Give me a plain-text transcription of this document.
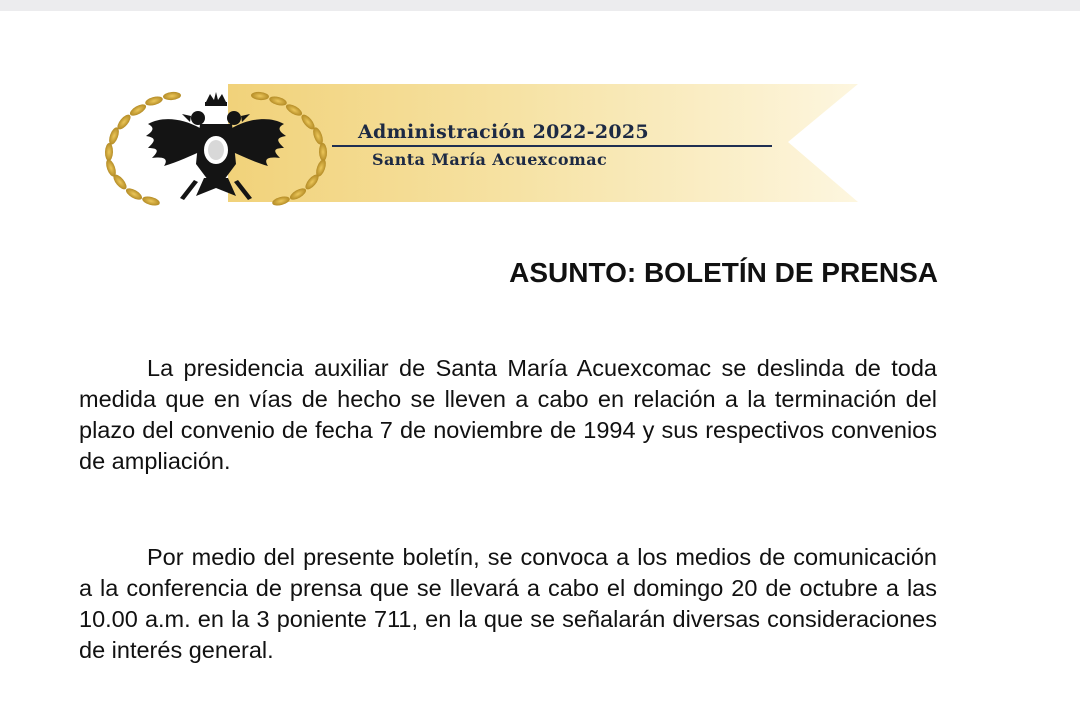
Administración 2022-2025
Santa María Acuexcomac
ASUNTO: BOLETÍN DE PRENSA

La presidencia auxiliar de Santa María Acuexcomac se deslinda de toda medida que en vías de hecho se lleven a cabo en relación a la terminación del plazo del convenio de fecha 7 de noviembre de 1994 y sus respectivos convenios de ampliación.

Por medio del presente boletín, se convoca a los medios de comunicación a la conferencia de prensa que se llevará a cabo el domingo 20 de octubre a las 10.00 a.m. en la 3 poniente 711, en la que se señalarán diversas consideraciones de interés general.
